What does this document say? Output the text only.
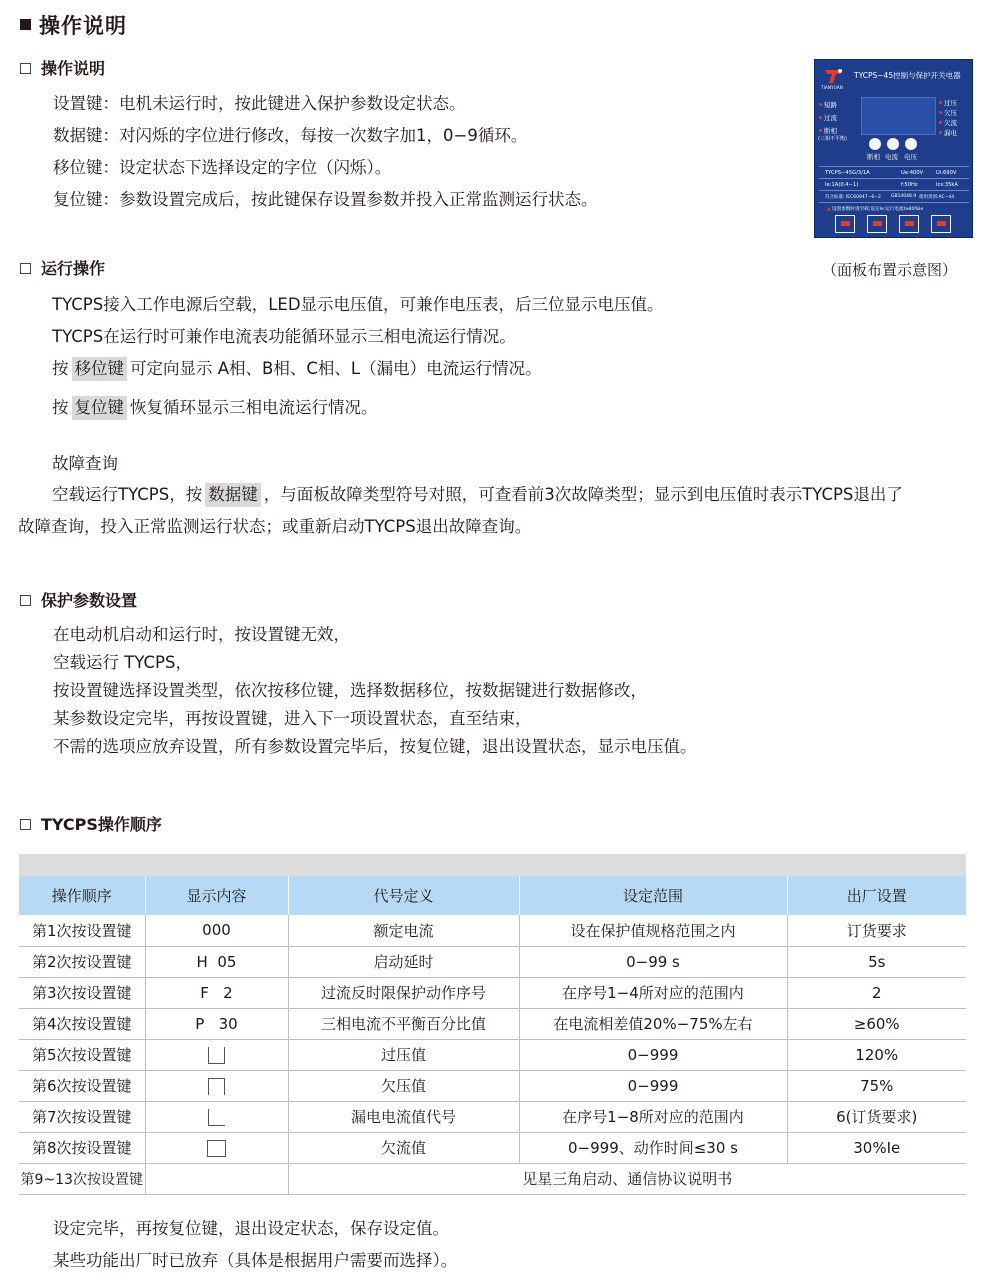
操作说明
操作说明

设置键：电机未运行时，按此键进入保护参数设定状态。

数据键：对闪烁的字位进行修改，每按一次数字加1，0−9循环。

移位键：设定状态下选择设定的字位（闪烁）。

复位键：参数设置完成后，按此键保存设置参数并投入正常监测运行状态。

TIANYUAN
TYCPS−45控制与保护开关电器
短路
过流
断相
(三相不平衡)
过压
欠压
欠流
漏电
断相 电流 电压
TYCPS−45G/3/1A	Ue:400V Ui:690V
Ie:1A(0.4−1)	f:50Hz	Ics:35kA
符合标准: IEC60947−6−2 GB14048.9 使用类别:AC−44
▲ 设置参数时请空载;设定Ie:运行电流I≥80%Ie
（面板布置示意图）
运行操作

TYCPS接入工作电源后空载，LED显示电压值，可兼作电压表，后三位显示电压值。

TYCPS在运行时可兼作电流表功能循环显示三相电流运行情况。

按 移位键 可定向显示 A相、B相、C相、L（漏电）电流运行情况。
按 复位键 恢复循环显示三相电流运行情况。
故障查询
空载运行TYCPS，按 数据键 ，与面板故障类型符号对照，可查看前3次故障类型；显示到电压值时表示TYCPS退出了
故障查询，投入正常监测运行状态；或重新启动TYCPS退出故障查询。
保护参数设置

在电动机启动和运行时，按设置键无效，

空载运行 TYCPS，

按设置键选择设置类型，依次按移位键，选择数据移位，按数据键进行数据修改，

某参数设定完毕，再按设置键，进入下一项设置状态，直至结束，

不需的选项应放弃设置，所有参数设置完毕后，按复位键，退出设置状态，显示电压值。

TYCPS操作顺序
操作顺序	显示内容	代号定义	设定范围	出厂设置
第1次按设置键	000	额定电流	设在保护值规格范围之内	订货要求
第2次按设置键	H  05	启动延时	0−99 s	5s
第3次按设置键	F   2	过流反时限保护动作序号	在序号1−4所对应的范围内	2
第4次按设置键	P   30	三相电流不平衡百分比值	在电流相差值20%−75%左右	≥60%
第5次按设置键		过压值	0−999	120%
第6次按设置键		欠压值	0−999	75%
第7次按设置键		漏电电流值代号	在序号1−8所对应的范围内	6(订货要求)
第8次按设置键		欠流值	0−999、动作时间≤30 s	30%Ie
第9~13次按设置键		见星三角启动、通信协议说明书		

设定完毕，再按复位键，退出设定状态，保存设定值。

某些功能出厂时已放弃（具体是根据用户需要而选择）。
